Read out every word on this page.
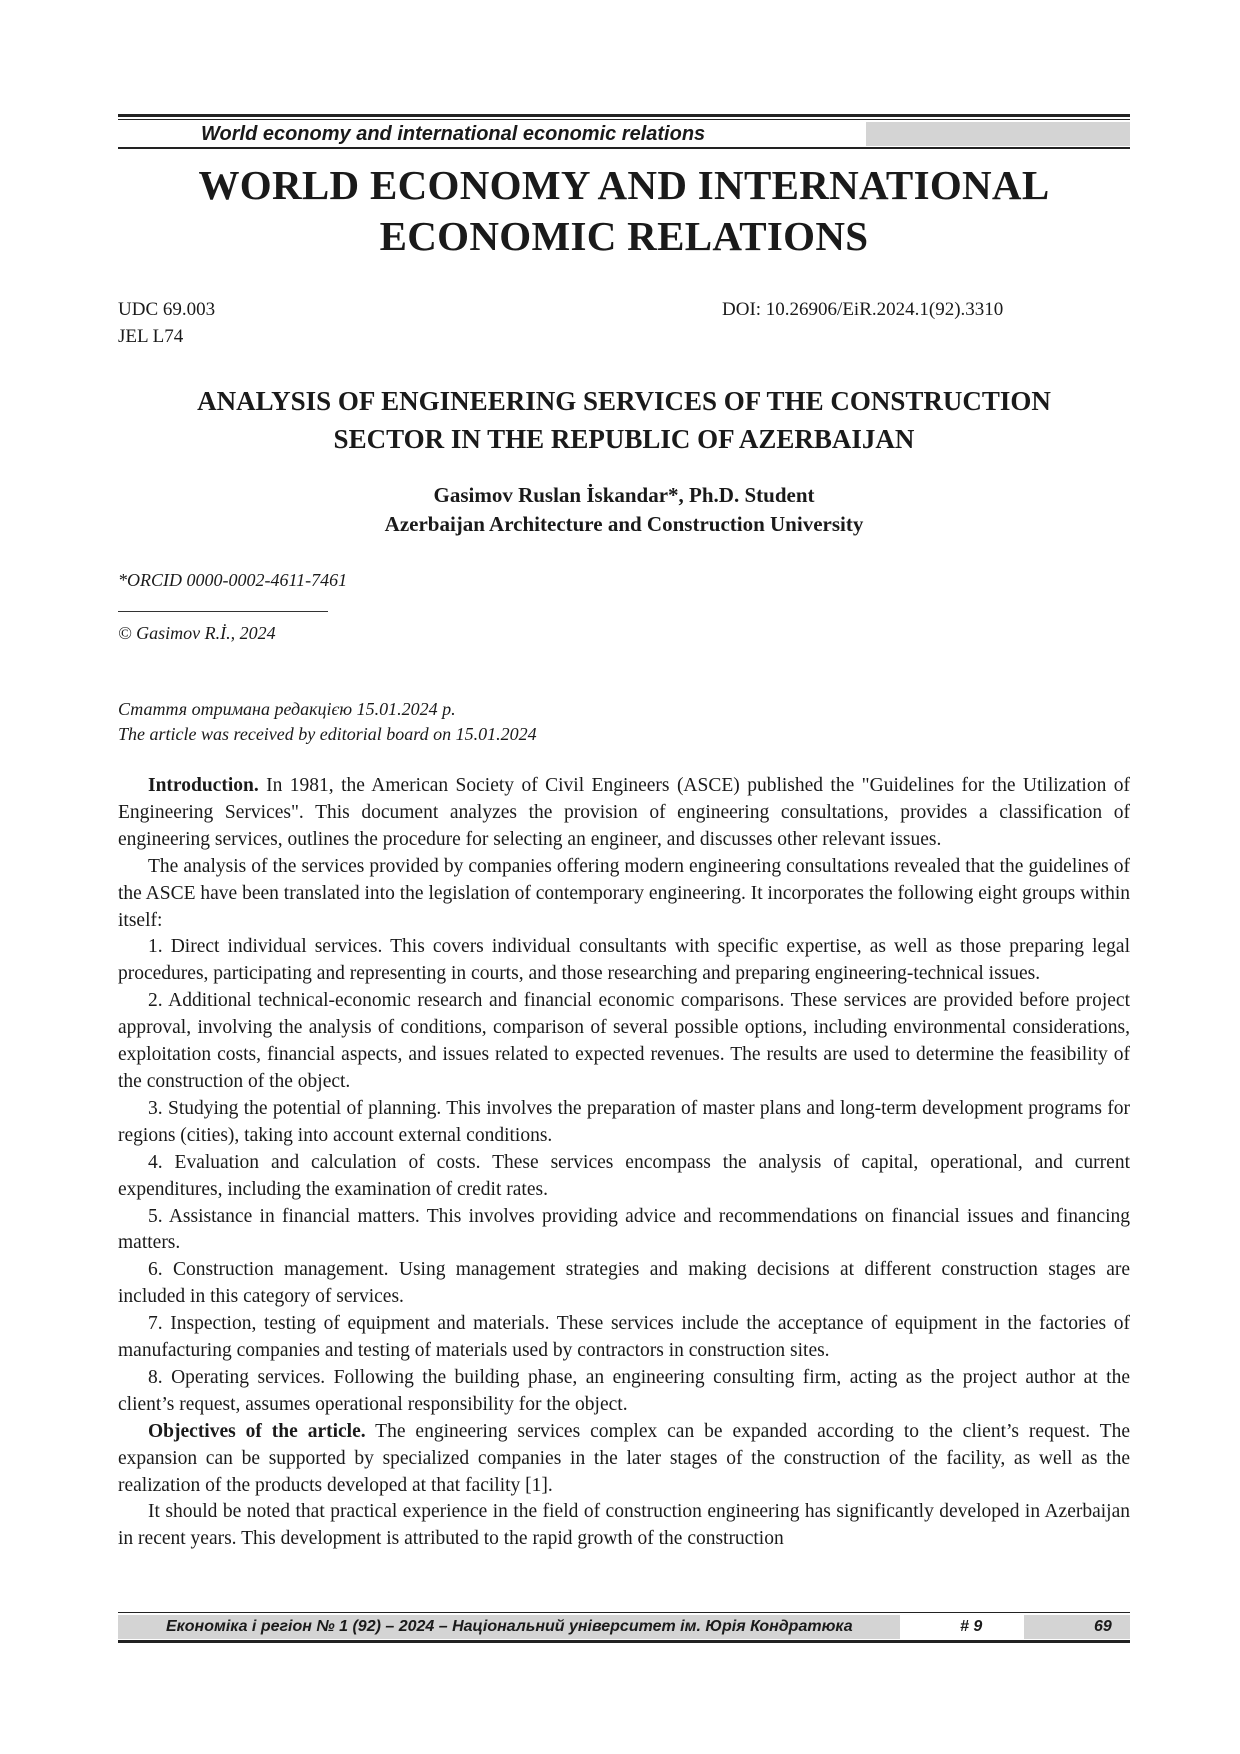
World economy and international economic relations
WORLD ECONOMY AND INTERNATIONAL
ECONOMIC RELATIONS
UDC 69.003
JEL L74
DOI: 10.26906/EiR.2024.1(92).3310
ANALYSIS OF ENGINEERING SERVICES OF THE CONSTRUCTION
SECTOR IN THE REPUBLIC OF AZERBAIJAN
Gasimov Ruslan İskandar*, Ph.D. Student
Azerbaijan Architecture and Construction University
*ORCID 0000-0002-4611-7461
© Gasimov R.İ., 2024
Стаття отримана редакцією 15.01.2024 р.
The article was received by editorial board on 15.01.2024

Introduction. In 1981, the American Society of Civil Engineers (ASCE) published the "Guidelines for the Utilization of Engineering Services". This document analyzes the provision of engineering consultations, provides a classification of engineering services, outlines the procedure for selecting an engineer, and discusses other relevant issues.

The analysis of the services provided by companies offering modern engineering consultations revealed that the guidelines of the ASCE have been translated into the legislation of contemporary engineering. It incorporates the following eight groups within itself:

1. Direct individual services. This covers individual consultants with specific expertise, as well as those preparing legal procedures, participating and representing in courts, and those researching and preparing engineering-technical issues.

2. Additional technical-economic research and financial economic comparisons. These services are provided before project approval, involving the analysis of conditions, comparison of several possible options, including environmental considerations, exploitation costs, financial aspects, and issues related to expected revenues. The results are used to determine the feasibility of the construction of the object.

3. Studying the potential of planning. This involves the preparation of master plans and long-term development programs for regions (cities), taking into account external conditions.

4. Evaluation and calculation of costs. These services encompass the analysis of capital, operational, and current expenditures, including the examination of credit rates.

5. Assistance in financial matters. This involves providing advice and recommendations on financial issues and financing matters.

6. Construction management. Using management strategies and making decisions at different construction stages are included in this category of services.

7. Inspection, testing of equipment and materials. These services include the acceptance of equipment in the factories of manufacturing companies and testing of materials used by contractors in construction sites.

8. Operating services. Following the building phase, an engineering consulting firm, acting as the project author at the client’s request, assumes operational responsibility for the object.

Objectives of the article. The engineering services complex can be expanded according to the client’s request. The expansion can be supported by specialized companies in the later stages of the construction of the facility, as well as the realization of the products developed at that facility [1].

It should be noted that practical experience in the field of construction engineering has significantly developed in Azerbaijan in recent years. This development is attributed to the rapid growth of the construction

Економіка і регіон № 1 (92) – 2024 – Національний університет ім. Юрія Кондратюка	# 9	69
